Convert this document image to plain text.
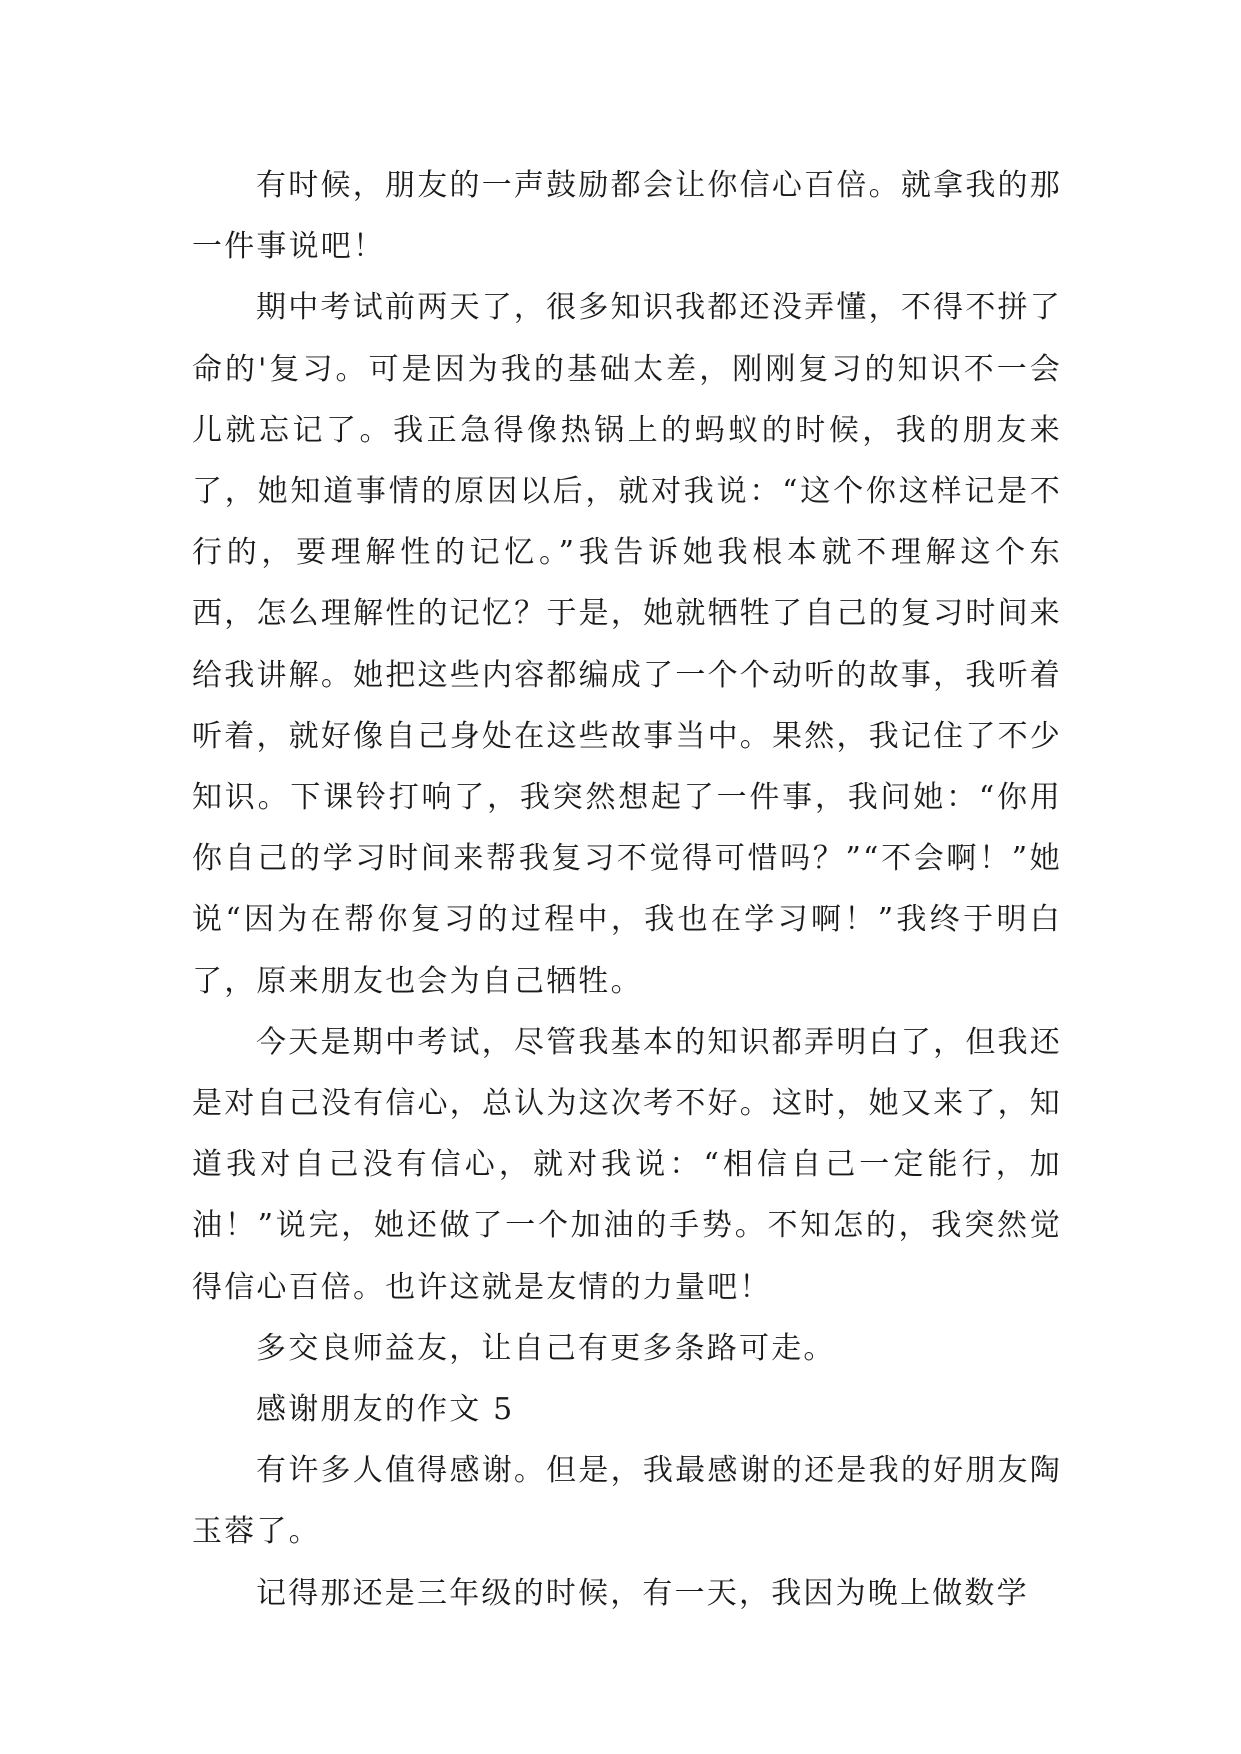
有时候，朋友的一声鼓励都会让你信心百倍。就拿我的那一件事说吧！

期中考试前两天了，很多知识我都还没弄懂，不得不拼了命的'复习。可是因为我的基础太差，刚刚复习的知识不一会儿就忘记了。我正急得像热锅上的蚂蚁的时候，我的朋友来了，她知道事情的原因以后，就对我说：“这个你这样记是不行的，要理解性的记忆。”我告诉她我根本就不理解这个东西，怎么理解性的记忆？于是，她就牺牲了自己的复习时间来给我讲解。她把这些内容都编成了一个个动听的故事，我听着听着，就好像自己身处在这些故事当中。果然，我记住了不少知识。下课铃打响了，我突然想起了一件事，我问她：“你用你自己的学习时间来帮我复习不觉得可惜吗？”“不会啊！”她说“因为在帮你复习的过程中，我也在学习啊！”我终于明白了，原来朋友也会为自己牺牲。

今天是期中考试，尽管我基本的知识都弄明白了，但我还是对自己没有信心，总认为这次考不好。这时，她又来了，知道我对自己没有信心，就对我说：“相信自己一定能行，加油！”说完，她还做了一个加油的手势。不知怎的，我突然觉得信心百倍。也许这就是友情的力量吧！

多交良师益友，让自己有更多条路可走。

感谢朋友的作文 5

有许多人值得感谢。但是，我最感谢的还是我的好朋友陶玉蓉了。

记得那还是三年级的时候，有一天，我因为晚上做数学
